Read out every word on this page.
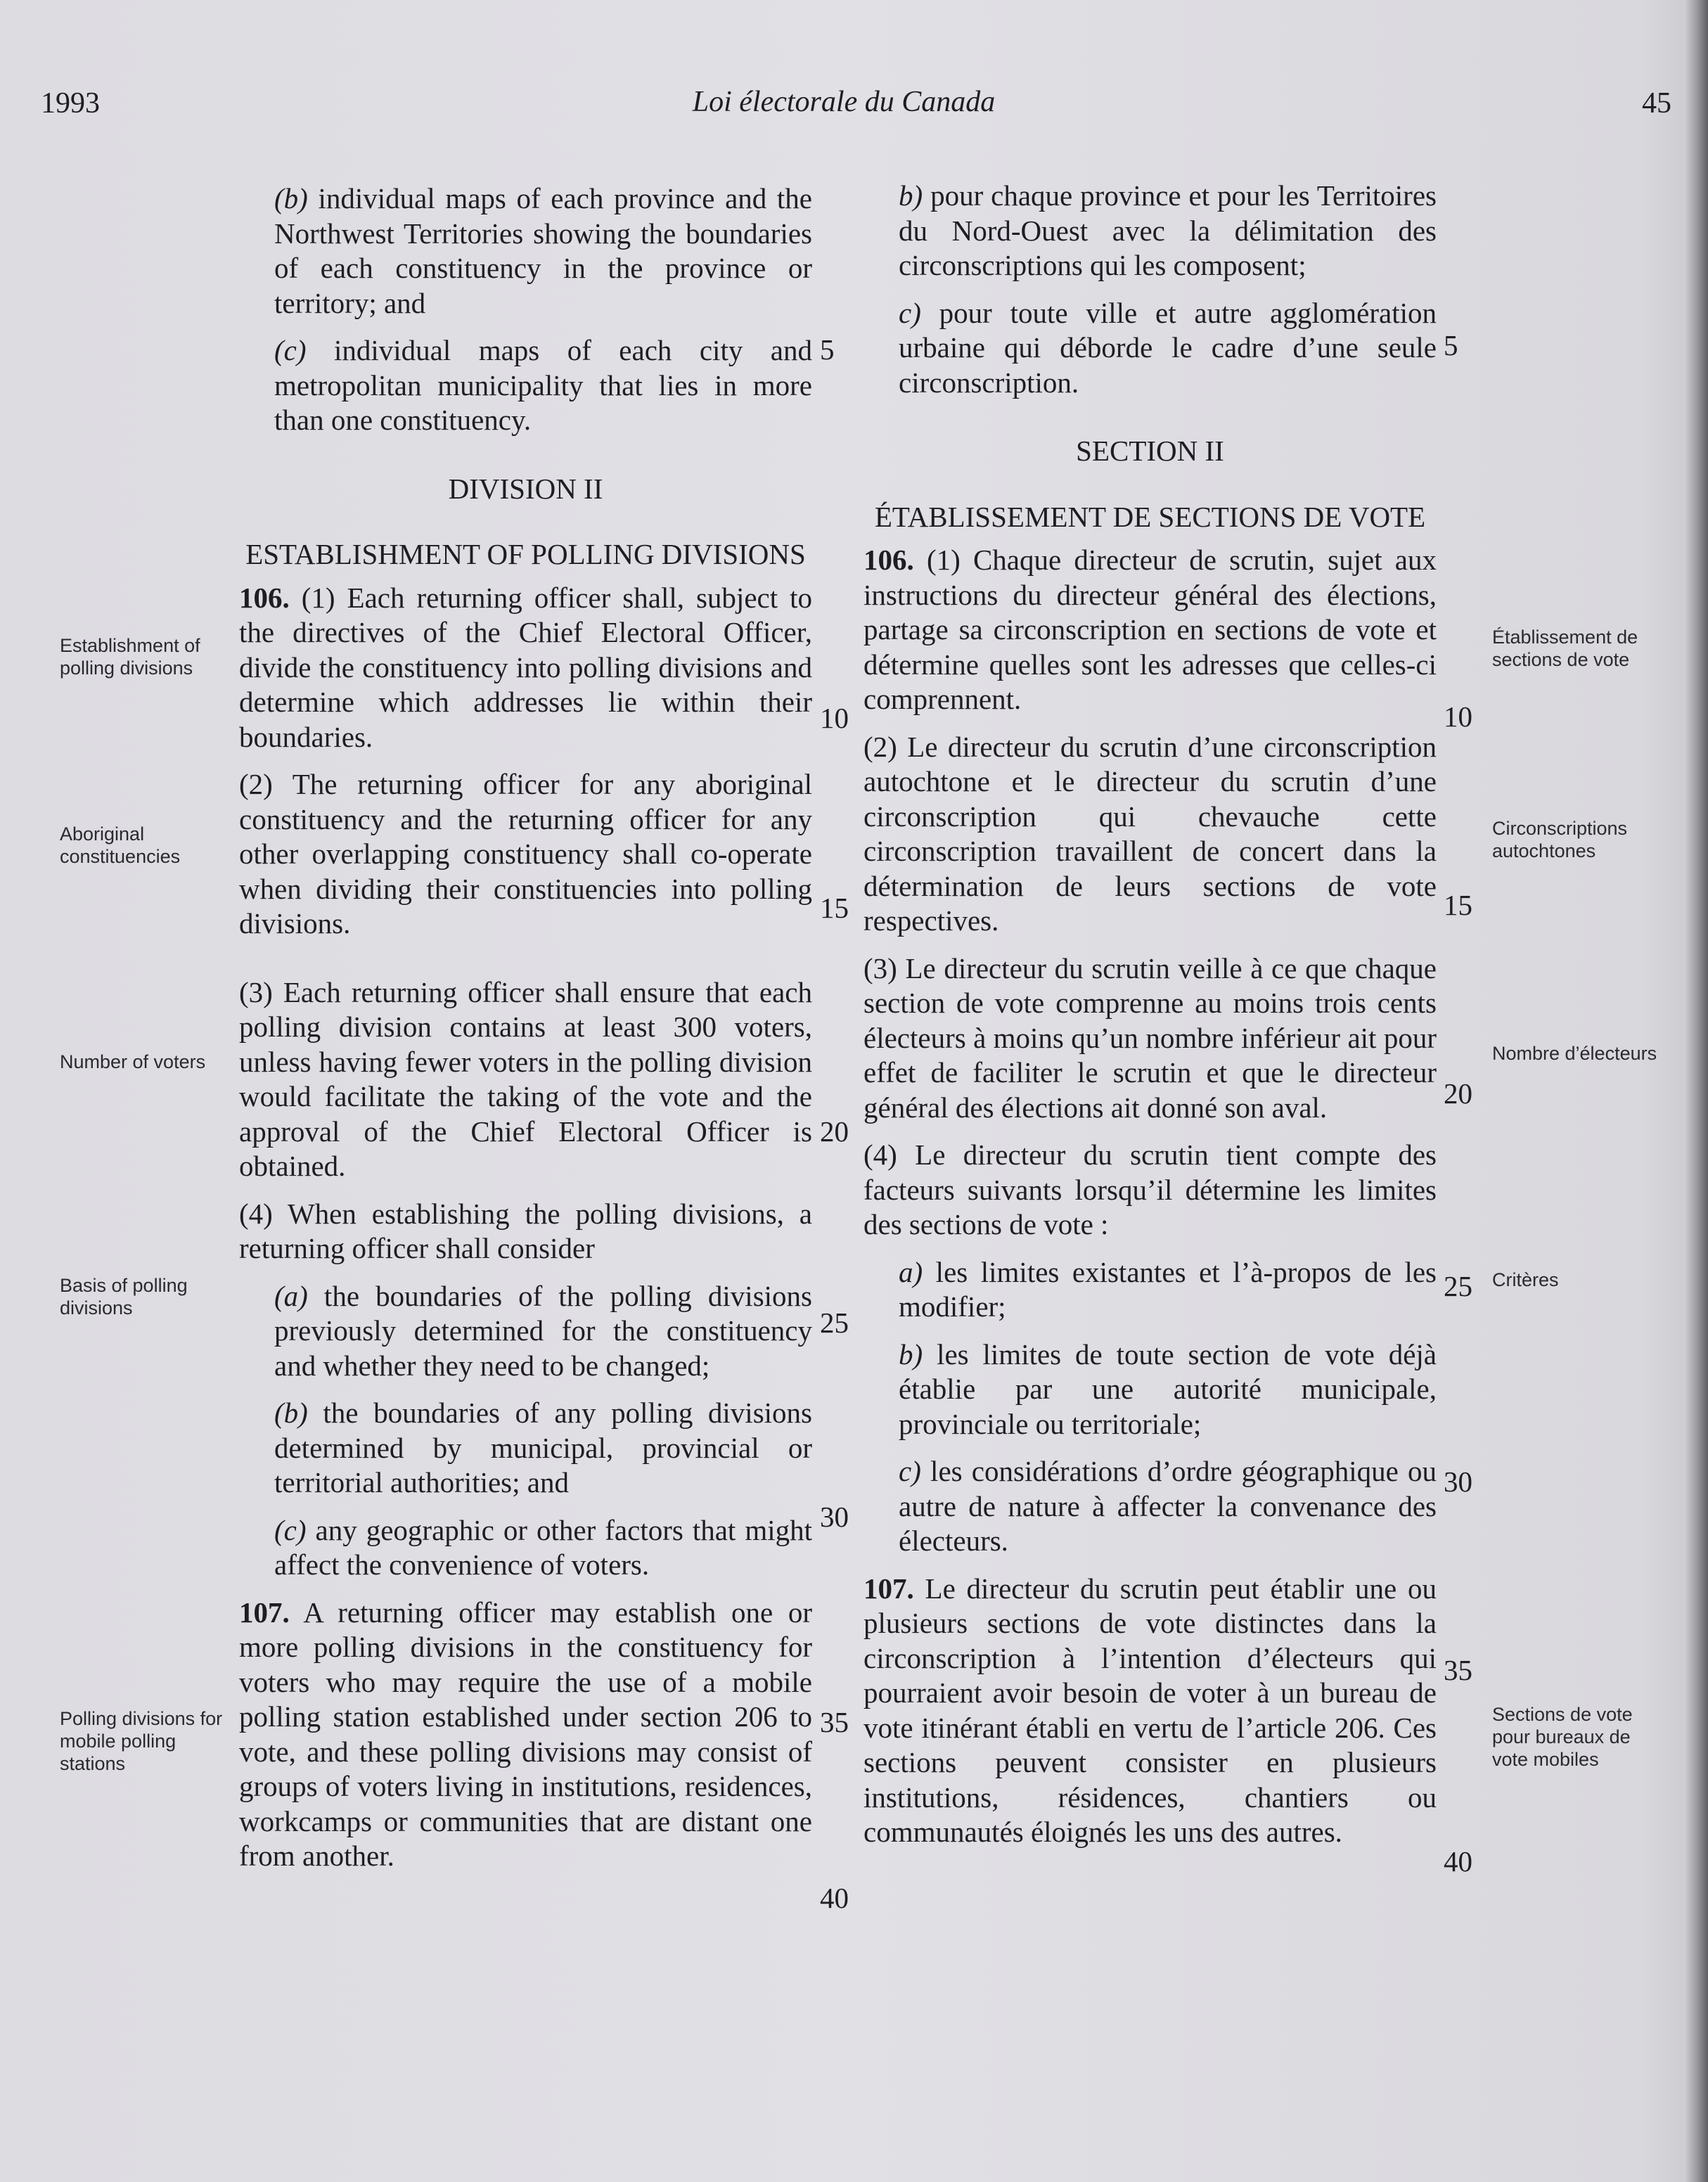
1993	Loi électorale du Canada	45

(b) individual maps of each province and the Northwest Territories showing the boundaries of each constituency in the province or territory; and

(c) individual maps of each city and metropolitan municipality that lies in more than one constituency.

DIVISION II

ESTABLISHMENT OF POLLING DIVISIONS

106. (1) Each returning officer shall, subject to the directives of the Chief Electoral Officer, divide the constituency into polling divisions and determine which addresses lie within their boundaries.

(2) The returning officer for any aboriginal constituency and the returning officer for any other overlapping constituency shall co-operate when dividing their constituencies into polling divisions.

(3) Each returning officer shall ensure that each polling division contains at least 300 voters, unless having fewer voters in the polling division would facilitate the taking of the vote and the approval of the Chief Electoral Officer is obtained.

(4) When establishing the polling divisions, a returning officer shall consider

(a) the boundaries of the polling divisions previously determined for the constituency and whether they need to be changed;

(b) the boundaries of any polling divisions determined by municipal, provincial or territorial authorities; and

(c) any geographic or other factors that might affect the convenience of voters.

107. A returning officer may establish one or more polling divisions in the constituency for voters who may require the use of a mobile polling station established under section 206 to vote, and these polling divisions may consist of groups of voters living in institutions, residences, workcamps or communities that are distant one from another.

b) pour chaque province et pour les Territoires du Nord-Ouest avec la délimitation des circonscriptions qui les composent;

c) pour toute ville et autre agglomération urbaine qui déborde le cadre d’une seule circonscription.

SECTION II

ÉTABLISSEMENT DE SECTIONS DE VOTE

106. (1) Chaque directeur de scrutin, sujet aux instructions du directeur général des élections, partage sa circonscription en sections de vote et détermine quelles sont les adresses que celles-ci comprennent.

(2) Le directeur du scrutin d’une circonscription autochtone et le directeur du scrutin d’une circonscription qui chevauche cette circonscription travaillent de concert dans la détermination de leurs sections de vote respectives.

(3) Le directeur du scrutin veille à ce que chaque section de vote comprenne au moins trois cents électeurs à moins qu’un nombre inférieur ait pour effet de faciliter le scrutin et que le directeur général des élections ait donné son aval.

(4) Le directeur du scrutin tient compte des facteurs suivants lorsqu’il détermine les limites des sections de vote :

a) les limites existantes et l’à-propos de les modifier;

b) les limites de toute section de vote déjà établie par une autorité municipale, provinciale ou territoriale;

c) les considérations d’ordre géographique ou autre de nature à affecter la convenance des électeurs.

107. Le directeur du scrutin peut établir une ou plusieurs sections de vote distinctes dans la circonscription à l’intention d’électeurs qui pourraient avoir besoin de voter à un bureau de vote itinérant établi en vertu de l’article 206. Ces sections peuvent consister en plusieurs institutions, résidences, chantiers ou communautés éloignés les uns des autres.

5
10
15
20
25
30
35
40
5
10
15
20
25
30
35
40
Establishment of polling divisions
Aboriginal constituencies
Number of voters
Basis of polling divisions
Polling divisions for mobile polling stations
Établissement de sections de vote
Circonscriptions autochtones
Nombre d’électeurs
Critères
Sections de vote pour bureaux de vote mobiles
